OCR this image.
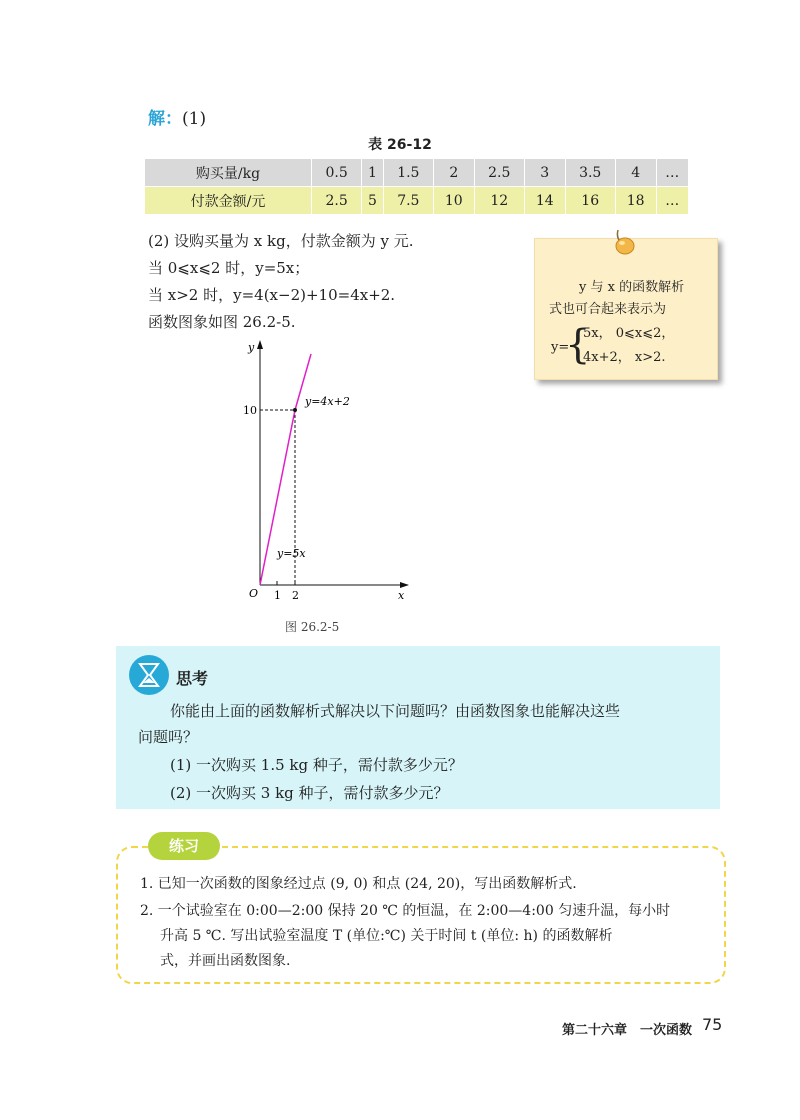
解：(1)
表 26-12
购买量/kg	0.5	1	1.5	2	2.5	3	3.5	4	…
付款金额/元	2.5	5	7.5	10	12	14	16	18	…
(2) 设购买量为 x kg，付款金额为 y 元.
当 0⩽x⩽2 时，y=5x；
当 x>2 时，y=4(x−2)+10=4x+2.
函数图象如图 26.2-5.
y 与 x 的函数解析
式也可合起来表示为
y=
{
5x， 0⩽x⩽2，
4x+2， x>2.
y
x
O 1 2
10
y=4x+2
y=5x
图 26.2-5
思考
你能由上面的函数解析式解决以下问题吗？由函数图象也能解决这些
问题吗？
(1) 一次购买 1.5 kg 种子，需付款多少元？
(2) 一次购买 3 kg 种子，需付款多少元？
练习
1. 已知一次函数的图象经过点 (9, 0) 和点 (24, 20)，写出函数解析式.
2. 一个试验室在 0:00—2:00 保持 20 ℃ 的恒温，在 2:00—4:00 匀速升温，每小时
升高 5 ℃. 写出试验室温度 T (单位:℃) 关于时间 t (单位: h) 的函数解析
式，并画出函数图象.
第二十六章　一次函数 75
